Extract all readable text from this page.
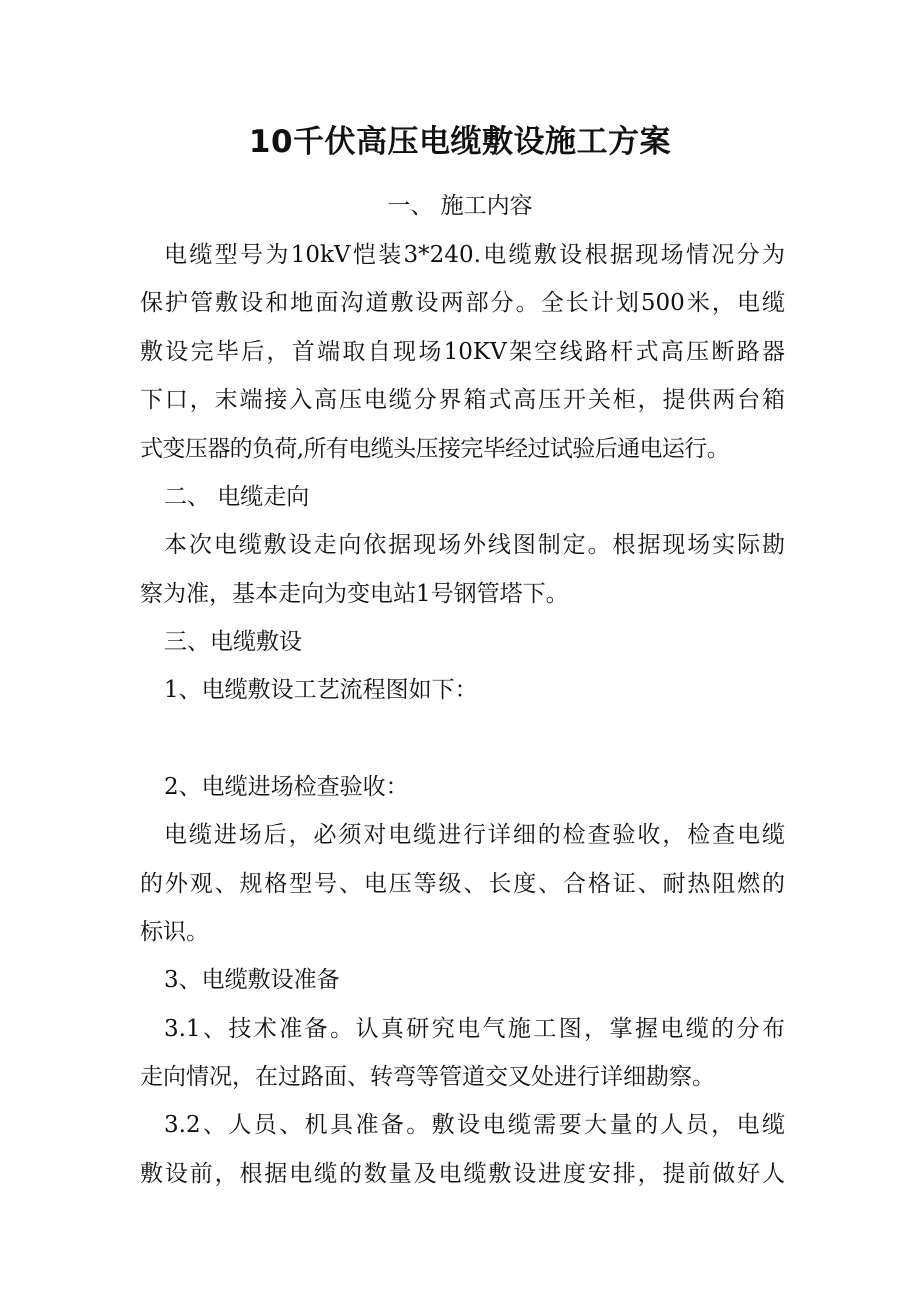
10千伏高压电缆敷设施工方案
一、 施工内容
电缆型号为10kV恺装3*240.电缆敷设根据现场情况分为
保护管敷设和地面沟道敷设两部分。全长计划500米，电缆
敷设完毕后，首端取自现场10KV架空线路杆式高压断路器
下口，末端接入高压电缆分界箱式高压开关柜，提供两台箱
式变压器的负荷,所有电缆头压接完毕经过试验后通电运行。
二、 电缆走向
本次电缆敷设走向依据现场外线图制定。根据现场实际勘
察为准，基本走向为变电站1号钢管塔下。
三、电缆敷设
1、电缆敷设工艺流程图如下：
2、电缆进场检查验收：
电缆进场后，必须对电缆进行详细的检查验收，检查电缆
的外观、规格型号、电压等级、长度、合格证、耐热阻燃的
标识。
3、电缆敷设准备
3.1、技术准备。认真研究电气施工图，掌握电缆的分布
走向情况，在过路面、转弯等管道交叉处进行详细勘察。
3.2、人员、机具准备。敷设电缆需要大量的人员，电缆
敷设前，根据电缆的数量及电缆敷设进度安排，提前做好人
